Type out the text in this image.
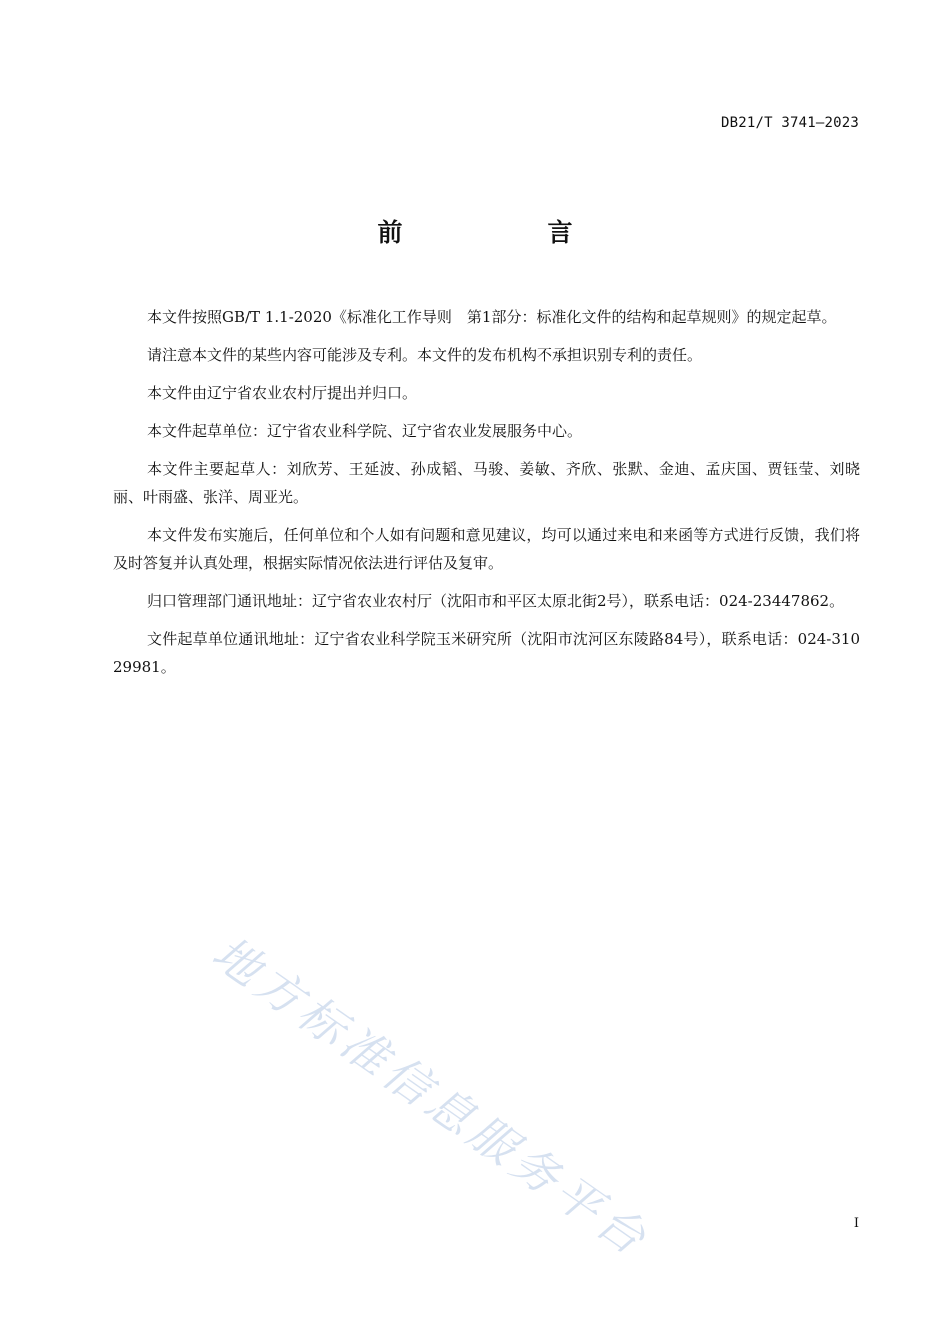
DB21/T 3741—2023
前　言

本文件按照GB/T 1.1-2020《标准化工作导则　第1部分：标准化文件的结构和起草规则》的规定起草。

请注意本文件的某些内容可能涉及专利。本文件的发布机构不承担识别专利的责任。

本文件由辽宁省农业农村厅提出并归口。

本文件起草单位：辽宁省农业科学院、辽宁省农业发展服务中心。

本文件主要起草人：刘欣芳、王延波、孙成韬、马骏、姜敏、齐欣、张默、金迪、孟庆国、贾钰莹、刘晓丽、叶雨盛、张洋、周亚光。

本文件发布实施后，任何单位和个人如有问题和意见建议，均可以通过来电和来函等方式进行反馈，我们将及时答复并认真处理，根据实际情况依法进行评估及复审。

归口管理部门通讯地址：辽宁省农业农村厅（沈阳市和平区太原北街2号），联系电话：024-23447862。

文件起草单位通讯地址：辽宁省农业科学院玉米研究所（沈阳市沈河区东陵路84号），联系电话：024-31029981。

地方标准信息服务平台	I
